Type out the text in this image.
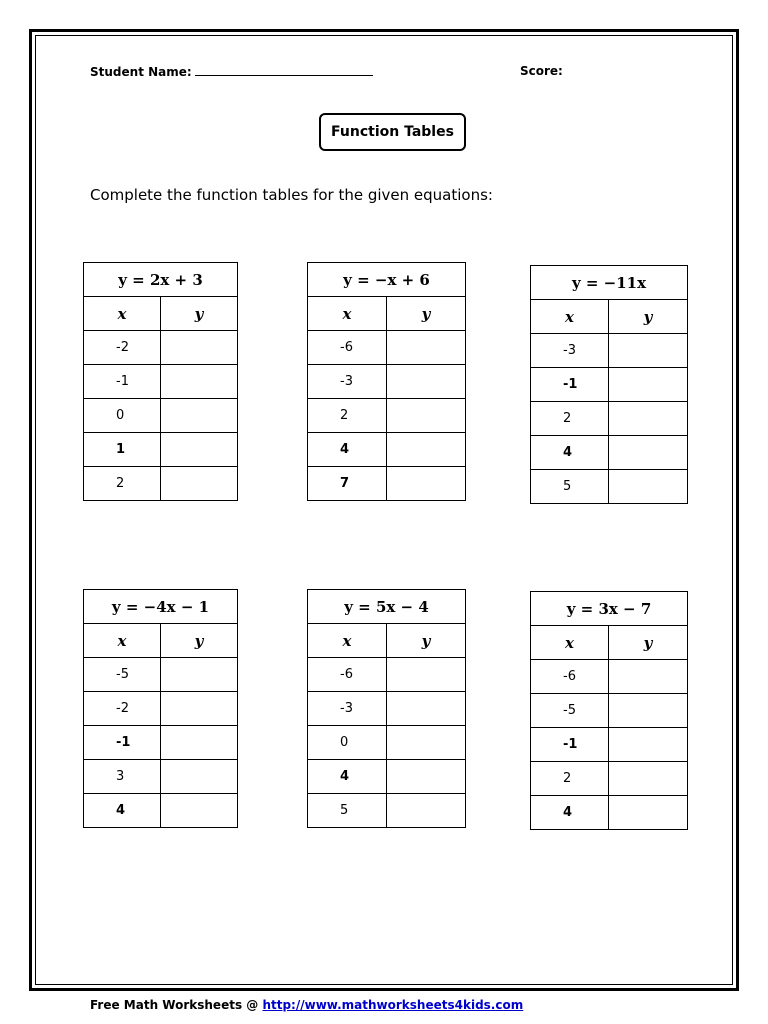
Student Name:	Score:
Function Tables
Complete the function tables for the given equations:
y = 2x + 3	
x	y
-2	
-1	
0	
1	
2	
y = −x + 6	
x	y
-6	
-3	
2	
4	
7	
y = −11x	
x	y
-3	
-1	
2	
4	
5	
y = −4x − 1	
x	y
-5	
-2	
-1	
3	
4	
y = 5x − 4	
x	y
-6	
-3	
0	
4	
5	
y = 3x − 7	
x	y
-6	
-5	
-1	
2	
4	
Free Math Worksheets @ http://www.mathworksheets4kids.com
